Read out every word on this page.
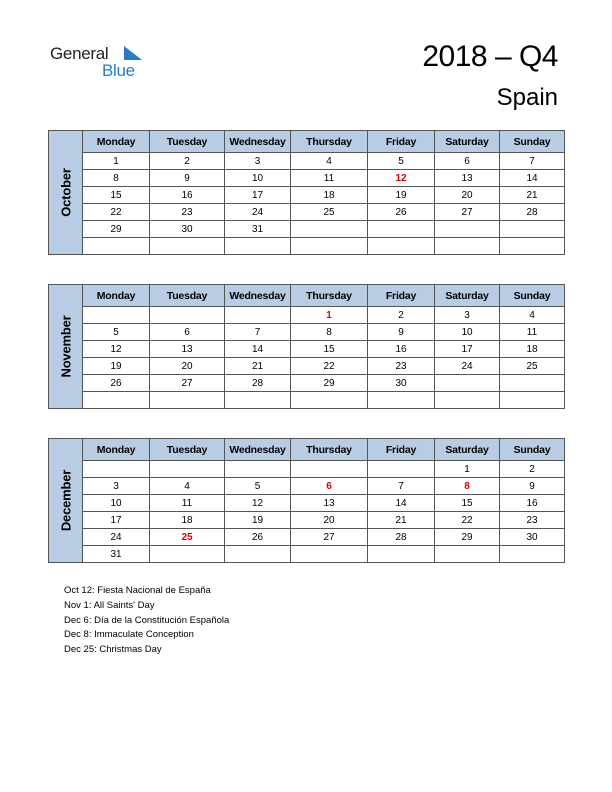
General
Blue	2018 – Q4
Spain
October	Monday	Tuesday	Wednesday	Thursday	Friday	Saturday	Sunday
	1	2	3	4	5	6	7
	8	9	10	11	12	13	14
	15	16	17	18	19	20	21
	22	23	24	25	26	27	28
	29	30	31				

November	Monday	Tuesday	Wednesday	Thursday	Friday	Saturday	Sunday
				1	2	3	4
	5	6	7	8	9	10	11
	12	13	14	15	16	17	18
	19	20	21	22	23	24	25
	26	27	28	29	30		

December	Monday	Tuesday	Wednesday	Thursday	Friday	Saturday	Sunday
						1	2
	3	4	5	6	7	8	9
	10	11	12	13	14	15	16
	17	18	19	20	21	22	23
	24	25	26	27	28	29	30
	31						
Oct 12: Fiesta Nacional de España
Nov 1: All Saints' Day
Dec 6: Día de la Constitución Española
Dec 8: Immaculate Conception
Dec 25: Christmas Day
